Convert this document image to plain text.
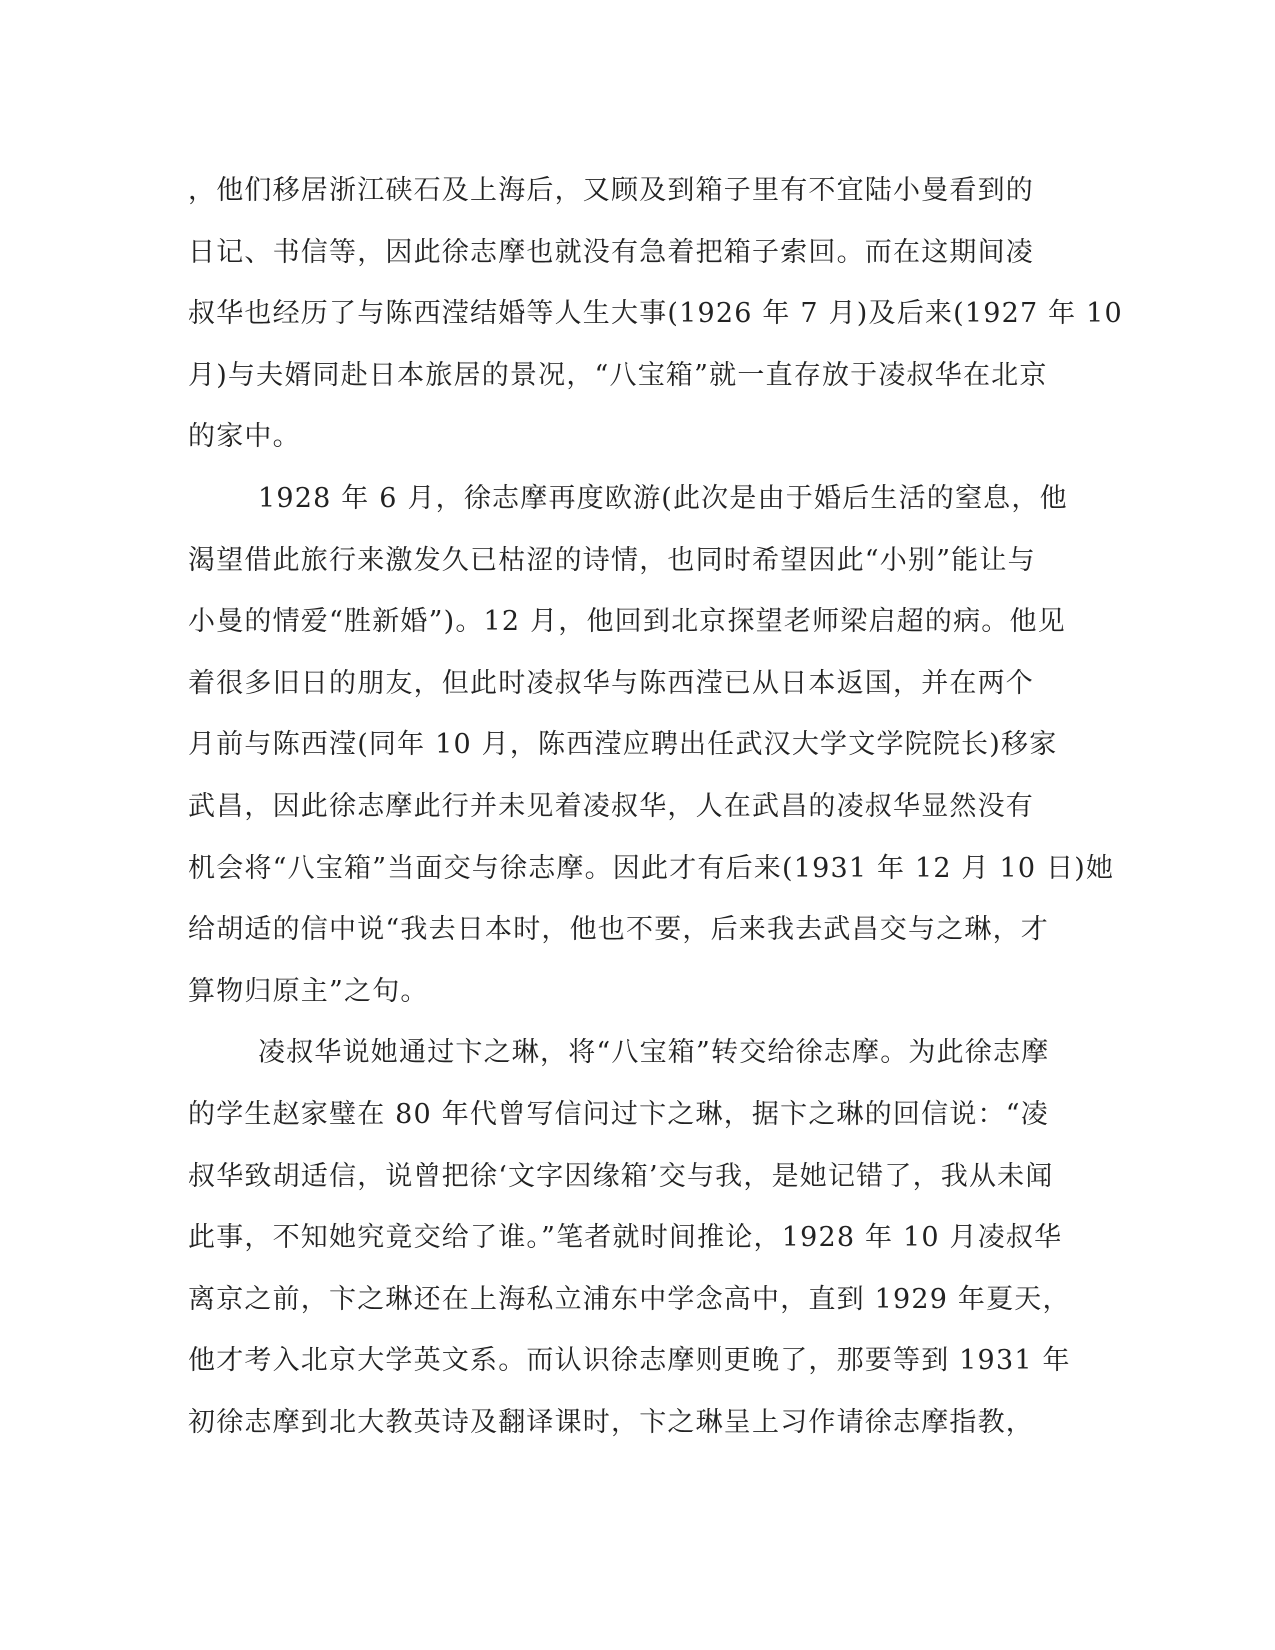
，他们移居浙江硖石及上海后，又顾及到箱子里有不宜陆小曼看到的
日记、书信等，因此徐志摩也就没有急着把箱子索回。而在这期间凌
叔华也经历了与陈西滢结婚等人生大事(1926 年 7 月)及后来(1927 年 10
月)与夫婿同赴日本旅居的景况，“八宝箱”就一直存放于凌叔华在北京
的家中。
1928 年 6 月，徐志摩再度欧游(此次是由于婚后生活的窒息，他
渴望借此旅行来激发久已枯涩的诗情，也同时希望因此“小别”能让与
小曼的情爱“胜新婚”)。12 月，他回到北京探望老师梁启超的病。他见
着很多旧日的朋友，但此时凌叔华与陈西滢已从日本返国，并在两个
月前与陈西滢(同年 10 月，陈西滢应聘出任武汉大学文学院院长)移家
武昌，因此徐志摩此行并未见着凌叔华，人在武昌的凌叔华显然没有
机会将“八宝箱”当面交与徐志摩。因此才有后来(1931 年 12 月 10 日)她
给胡适的信中说“我去日本时，他也不要，后来我去武昌交与之琳，才
算物归原主”之句。
凌叔华说她通过卞之琳，将“八宝箱”转交给徐志摩。为此徐志摩
的学生赵家璧在 80 年代曾写信问过卞之琳，据卞之琳的回信说：“凌
叔华致胡适信，说曾把徐‘文字因缘箱’交与我，是她记错了，我从未闻
此事，不知她究竟交给了谁。”笔者就时间推论，1928 年 10 月凌叔华
离京之前，卞之琳还在上海私立浦东中学念高中，直到 1929 年夏天，
他才考入北京大学英文系。而认识徐志摩则更晚了，那要等到 1931 年
初徐志摩到北大教英诗及翻译课时，卞之琳呈上习作请徐志摩指教，
